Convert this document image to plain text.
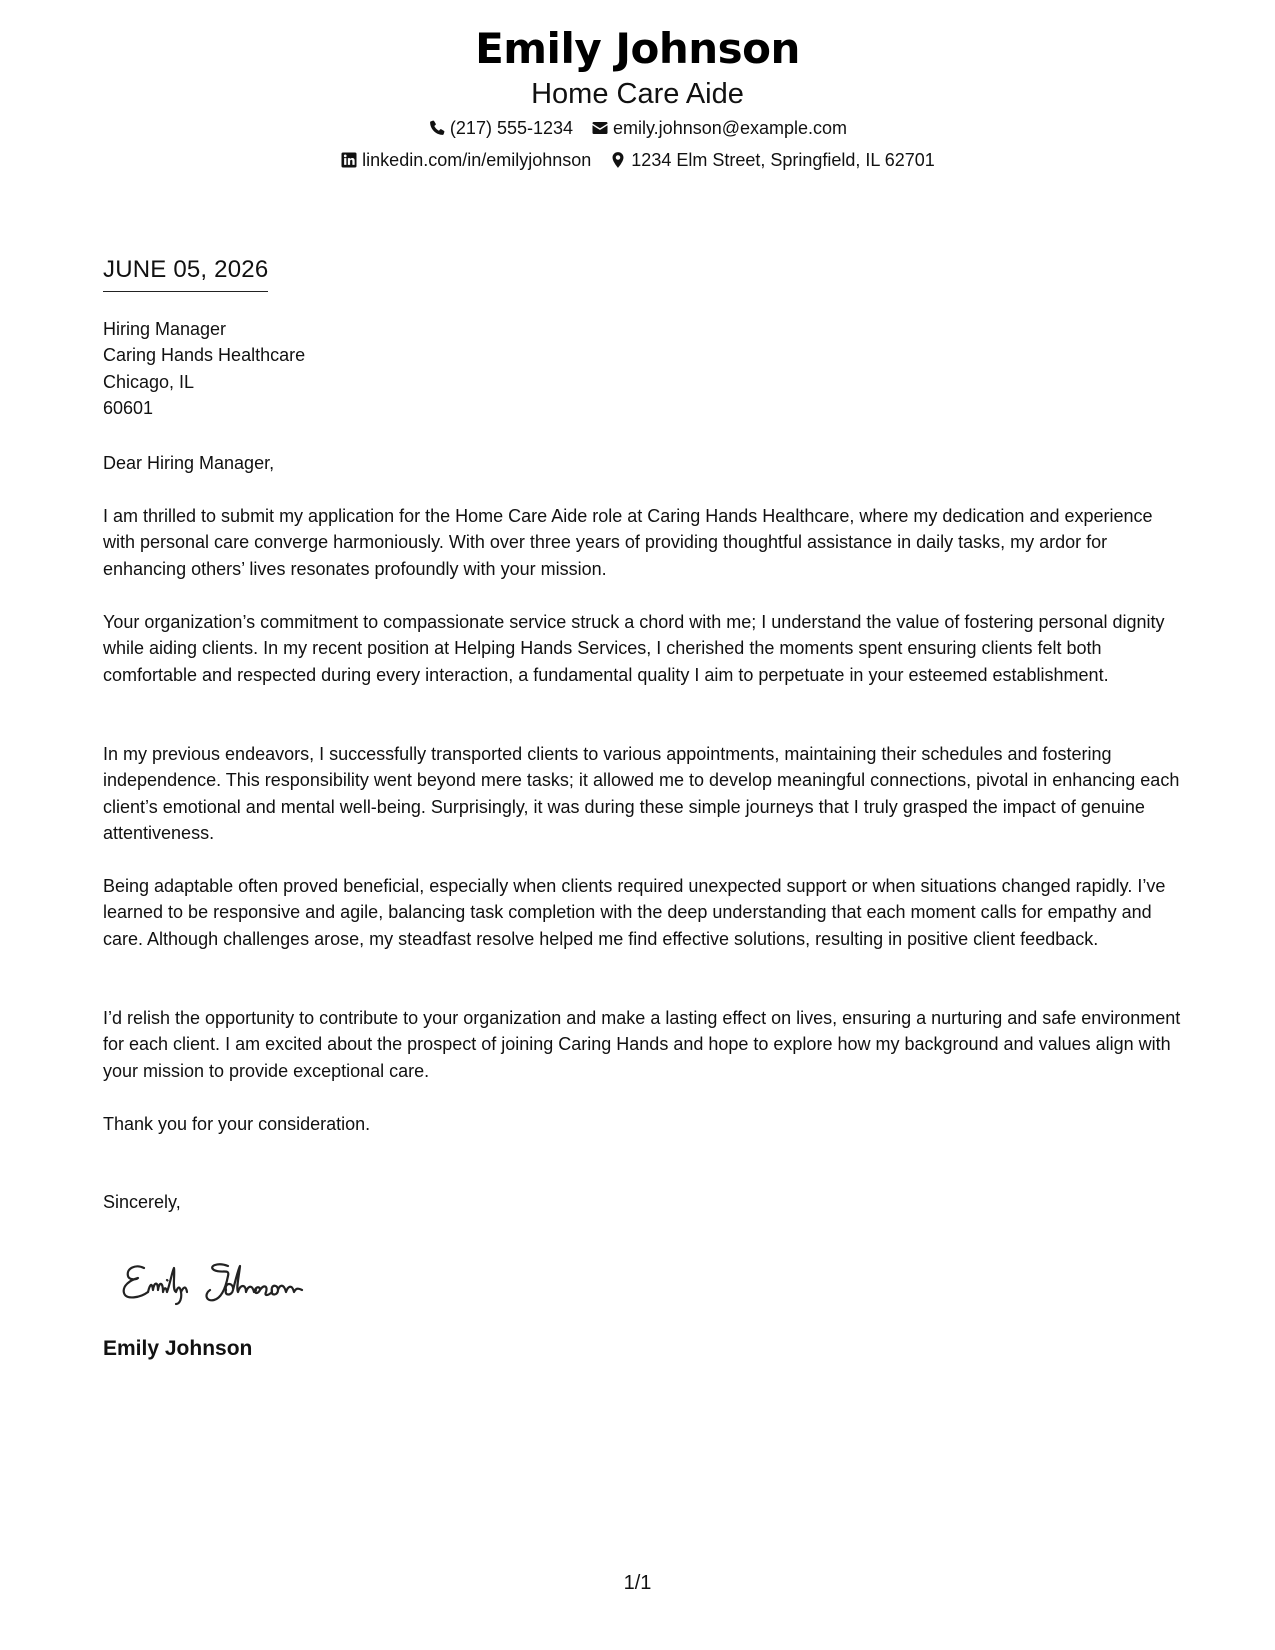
Emily Johnson
Home Care Aide
(217) 555-1234 emily.johnson@example.com
linkedin.com/in/emilyjohnson 1234 Elm Street, Springfield, IL 62701
JUNE 05, 2026
Hiring Manager
Caring Hands Healthcare
Chicago, IL
60601
Dear Hiring Manager,
I am thrilled to submit my application for the Home Care Aide role at Caring Hands Healthcare, where my dedication and experience with personal care converge harmoniously. With over three years of providing thoughtful assistance in daily tasks, my ardor for enhancing others’ lives resonates profoundly with your mission.
Your organization’s commitment to compassionate service struck a chord with me; I understand the value of fostering personal dignity while aiding clients. In my recent position at Helping Hands Services, I cherished the moments spent ensuring clients felt both comfortable and respected during every interaction, a fundamental quality I aim to perpetuate in your esteemed establishment.
In my previous endeavors, I successfully transported clients to various appointments, maintaining their schedules and fostering independence. This responsibility went beyond mere tasks; it allowed me to develop meaningful connections, pivotal in enhancing each client’s emotional and mental well-being. Surprisingly, it was during these simple journeys that I truly grasped the impact of genuine attentiveness.
Being adaptable often proved beneficial, especially when clients required unexpected support or when situations changed rapidly. I’ve learned to be responsive and agile, balancing task completion with the deep understanding that each moment calls for empathy and care. Although challenges arose, my steadfast resolve helped me find effective solutions, resulting in positive client feedback.
I’d relish the opportunity to contribute to your organization and make a lasting effect on lives, ensuring a nurturing and safe environment for each client. I am excited about the prospect of joining Caring Hands and hope to explore how my background and values align with your mission to provide exceptional care.
Thank you for your consideration.
Sincerely,
Emily Johnson
1/1
